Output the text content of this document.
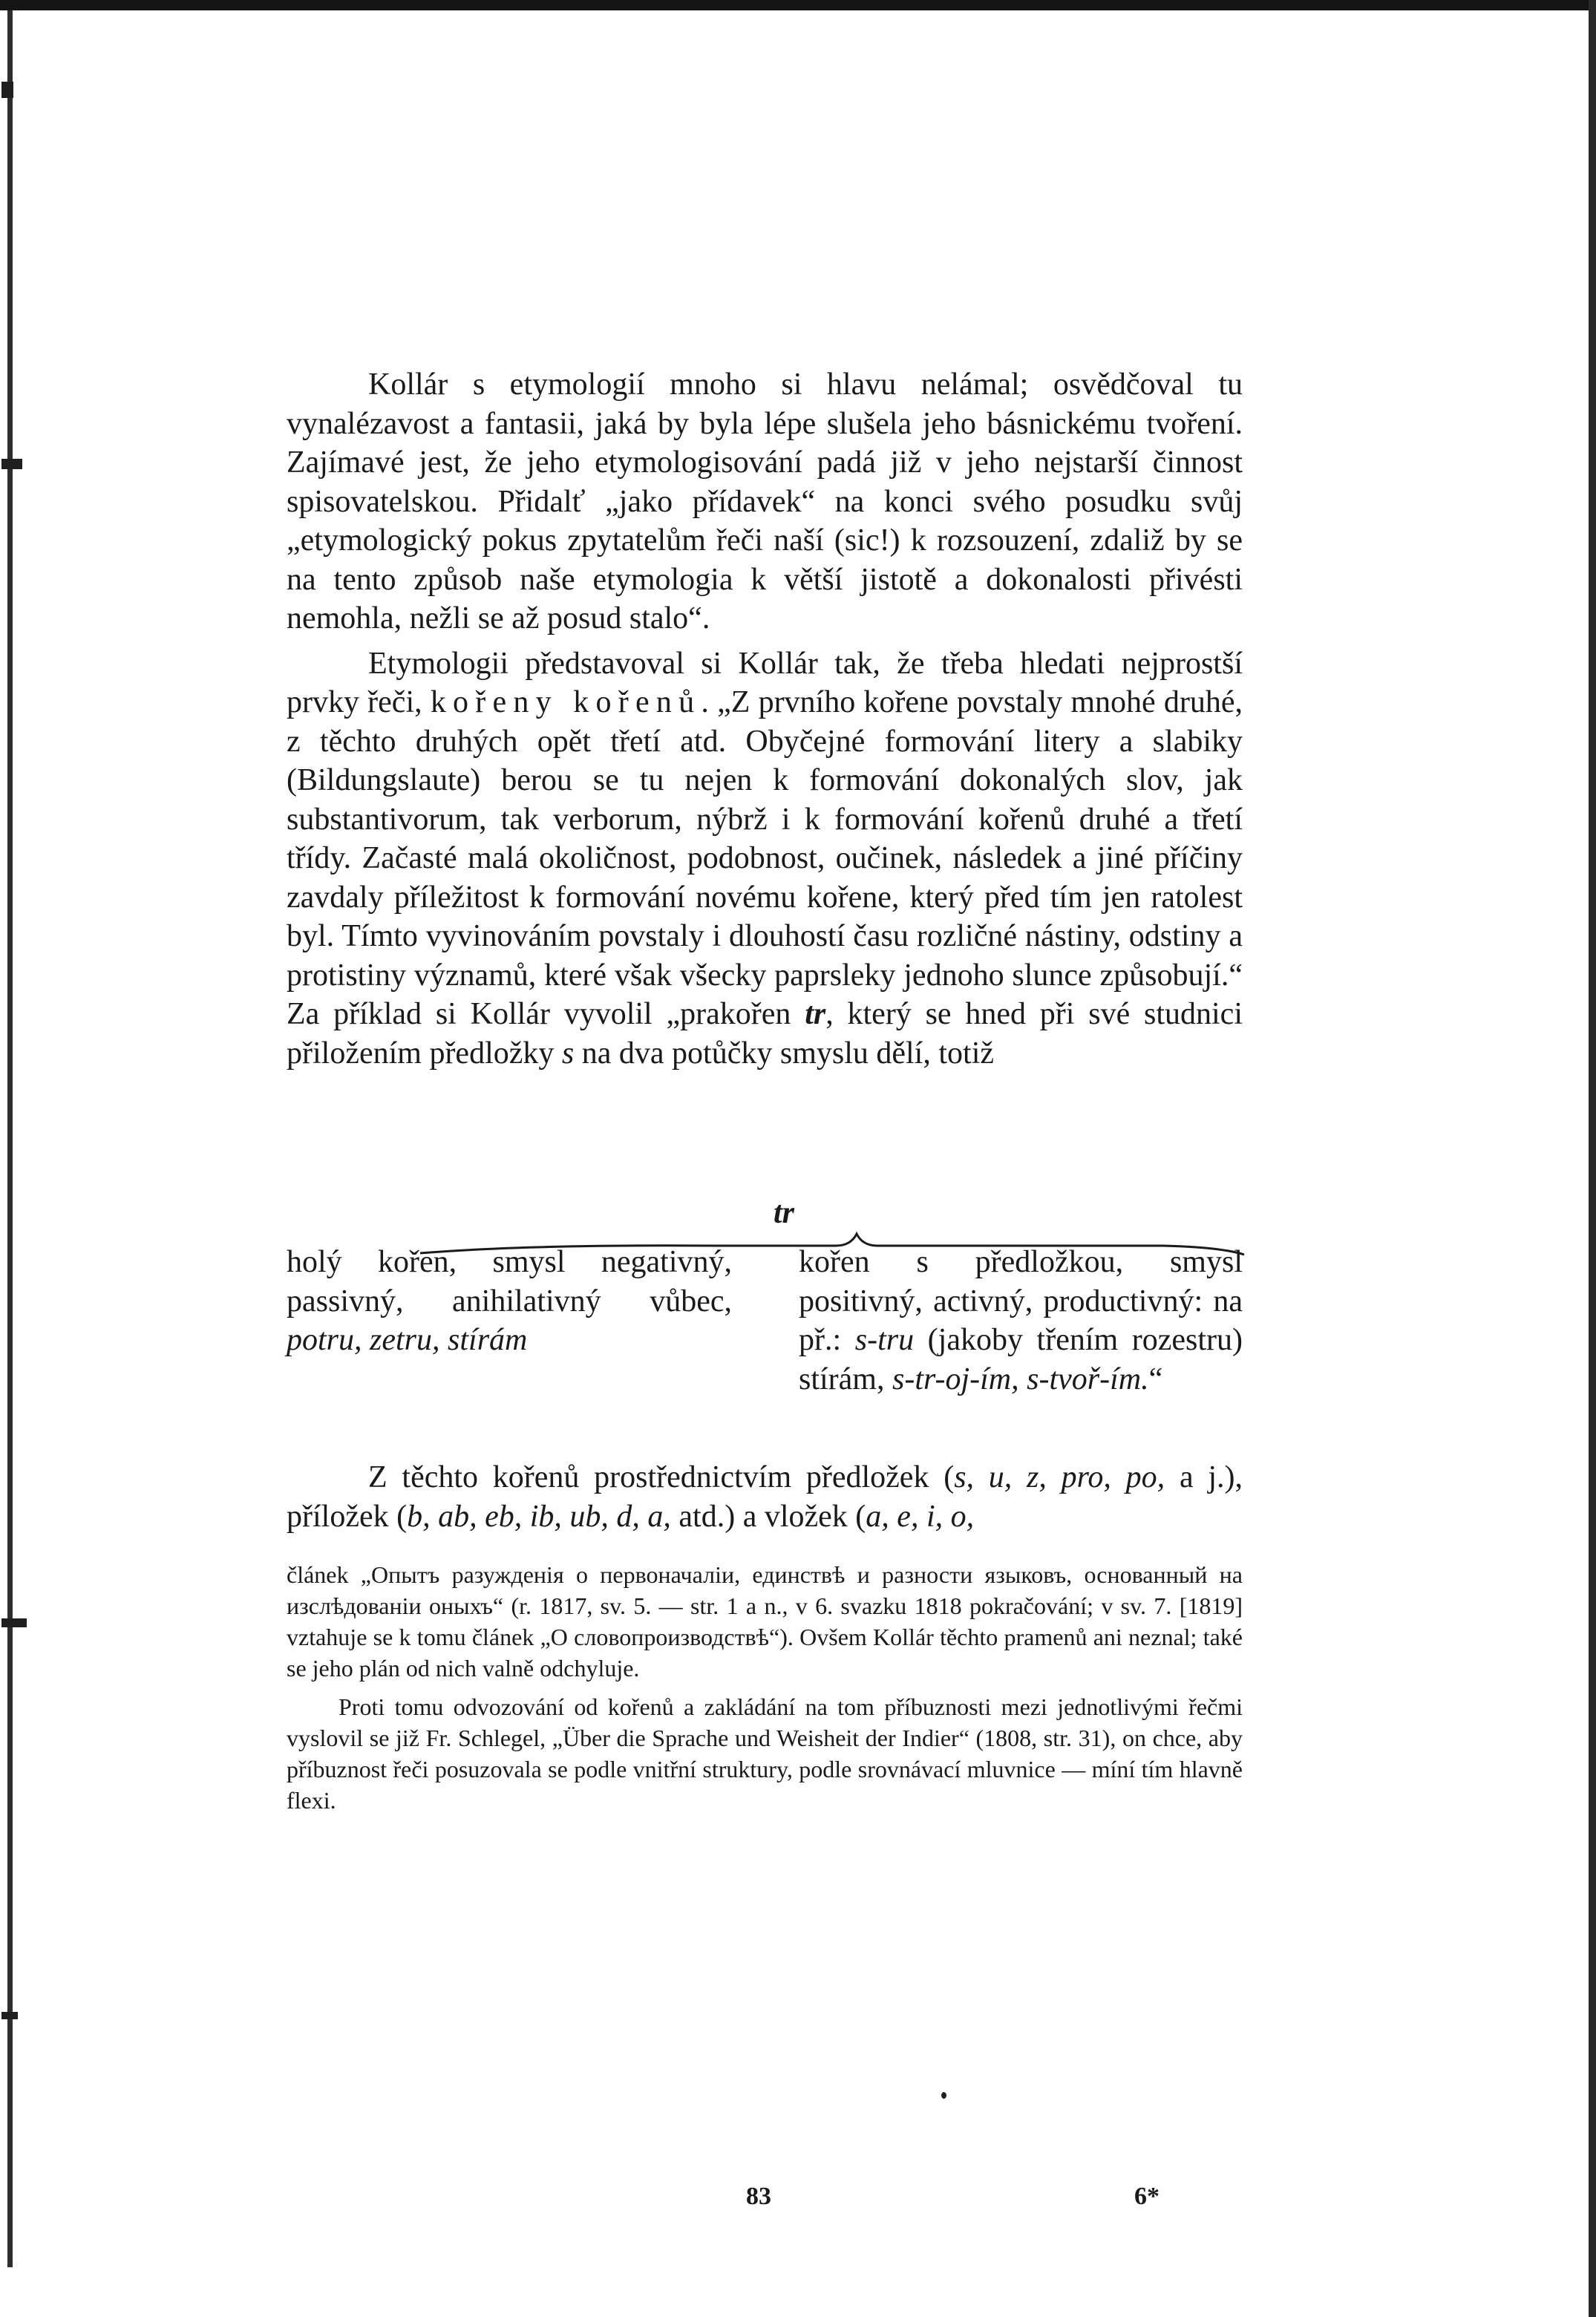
Kollár s etymologií mnoho si hlavu nelámal; osvědčoval tu vynalézavost a fantasii, jaká by byla lépe slušela jeho básnickému tvoření. Zajímavé jest, že jeho etymologisování padá již v jeho nejstarší činnost spisovatelskou. Přidalť „jako přídavek“ na konci svého posudku svůj „etymologický pokus zpytatelům řeči naší (sic!) k rozsouzení, zdaliž by se na tento způsob naše etymologia k větší jistotě a dokonalosti přivésti nemohla, nežli se až posud stalo“.

Etymologii představoval si Kollár tak, že třeba hledati nejprostší prvky řeči, kořeny kořenů. „Z prvního kořene povstaly mnohé druhé, z těchto druhých opět třetí atd. Obyčejné formování litery a slabiky (Bildungslaute) berou se tu nejen k formování dokonalých slov, jak substantivorum, tak verborum, nýbrž i k formování kořenů druhé a třetí třídy. Začasté malá okoličnost, podobnost, oučinek, následek a jiné příčiny zavdaly příležitost k formování novému kořene, který před tím jen ratolest byl. Tímto vyvinováním povstaly i dlouhostí času rozličné nástiny, odstiny a protistiny významů, které však všecky paprsleky jednoho slunce způsobují.“ Za příklad si Kollár vyvolil „prakořen tr, který se hned při své studnici přiložením předložky s na dva potůčky smyslu dělí, totiž

tr
holý kořen, smysl negativný, passivný, anihilativný vůbec, potru, zetru, stírám
kořen s předložkou, smysl positivný, activný, productivný: na př.: s-tru (jakoby třením rozestru) stírám, s-tr-oj-ím, s-tvoř-ím.“

Z těchto kořenů prostřednictvím předložek (s, u, z, pro, po, a j.), příložek (b, ab, eb, ib, ub, d, a, atd.) a vložek (a, e, i, o,

článek „Опытъ разужденія о первоначаліи, единствѣ и разности языковъ, основанный на изслѣдованіи оныхъ“ (r. 1817, sv. 5. — str. 1 a n., v 6. svazku 1818 pokračování; v sv. 7. [1819] vztahuje se k tomu článek „О словопроизводствѣ“). Ovšem Kollár těchto pramenů ani neznal; také se jeho plán od nich valně odchyluje.

Proti tomu odvozování od kořenů a zakládání na tom příbuznosti mezi jednotlivými řečmi vyslovil se již Fr. Schlegel, „Über die Sprache und Weisheit der Indier“ (1808, str. 31), on chce, aby příbuznost řeči posuzovala se podle vnitřní struktury, podle srovnávací mluvnice — míní tím hlavně flexi.

83	6*
